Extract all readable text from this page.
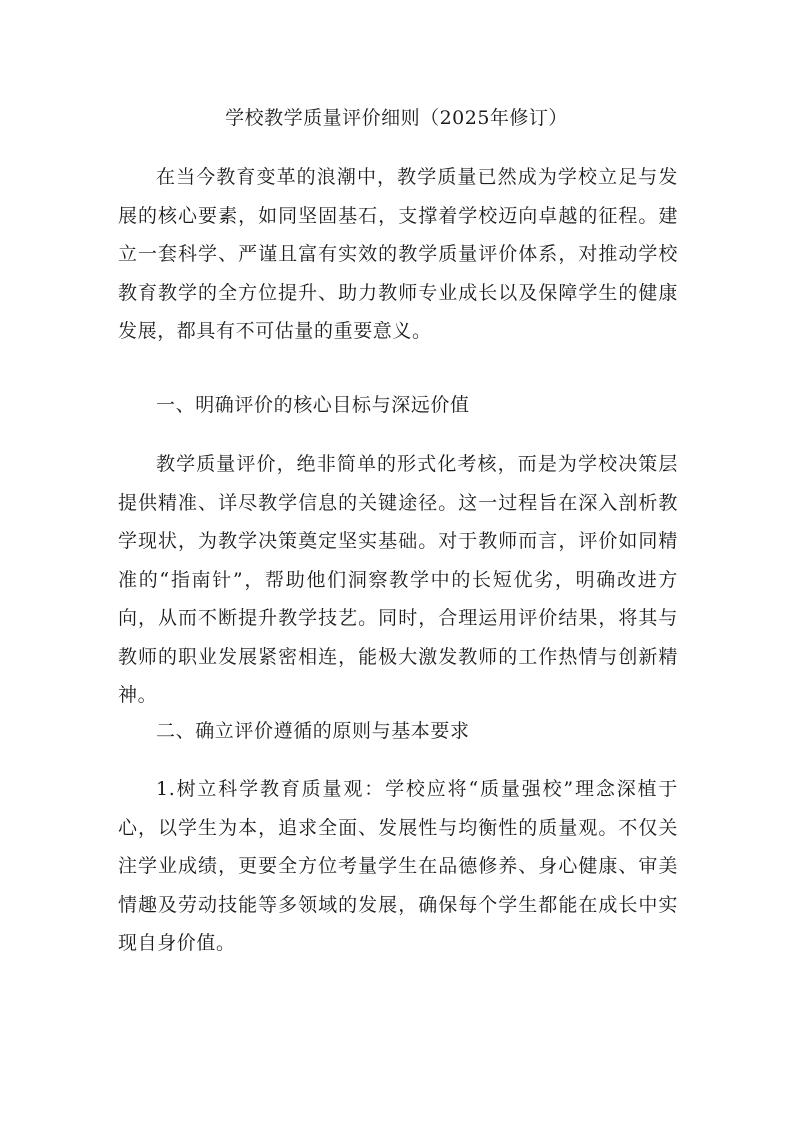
学校教学质量评价细则（2025年修订）

在当今教育变革的浪潮中，教学质量已然成为学校立足与发展的核心要素，如同坚固基石，支撑着学校迈向卓越的征程。建立一套科学、严谨且富有实效的教学质量评价体系，对推动学校教育教学的全方位提升、助力教师专业成长以及保障学生的健康发展，都具有不可估量的重要意义。

一、明确评价的核心目标与深远价值

教学质量评价，绝非简单的形式化考核，而是为学校决策层提供精准、详尽教学信息的关键途径。这一过程旨在深入剖析教学现状，为教学决策奠定坚实基础。对于教师而言，评价如同精准的“指南针”，帮助他们洞察教学中的长短优劣，明确改进方向，从而不断提升教学技艺。同时，合理运用评价结果，将其与教师的职业发展紧密相连，能极大激发教师的工作热情与创新精神。

二、确立评价遵循的原则与基本要求

1.树立科学教育质量观：学校应将“质量强校”理念深植于心，以学生为本，追求全面、发展性与均衡性的质量观。不仅关注学业成绩，更要全方位考量学生在品德修养、身心健康、审美情趣及劳动技能等多领域的发展，确保每个学生都能在成长中实现自身价值。
